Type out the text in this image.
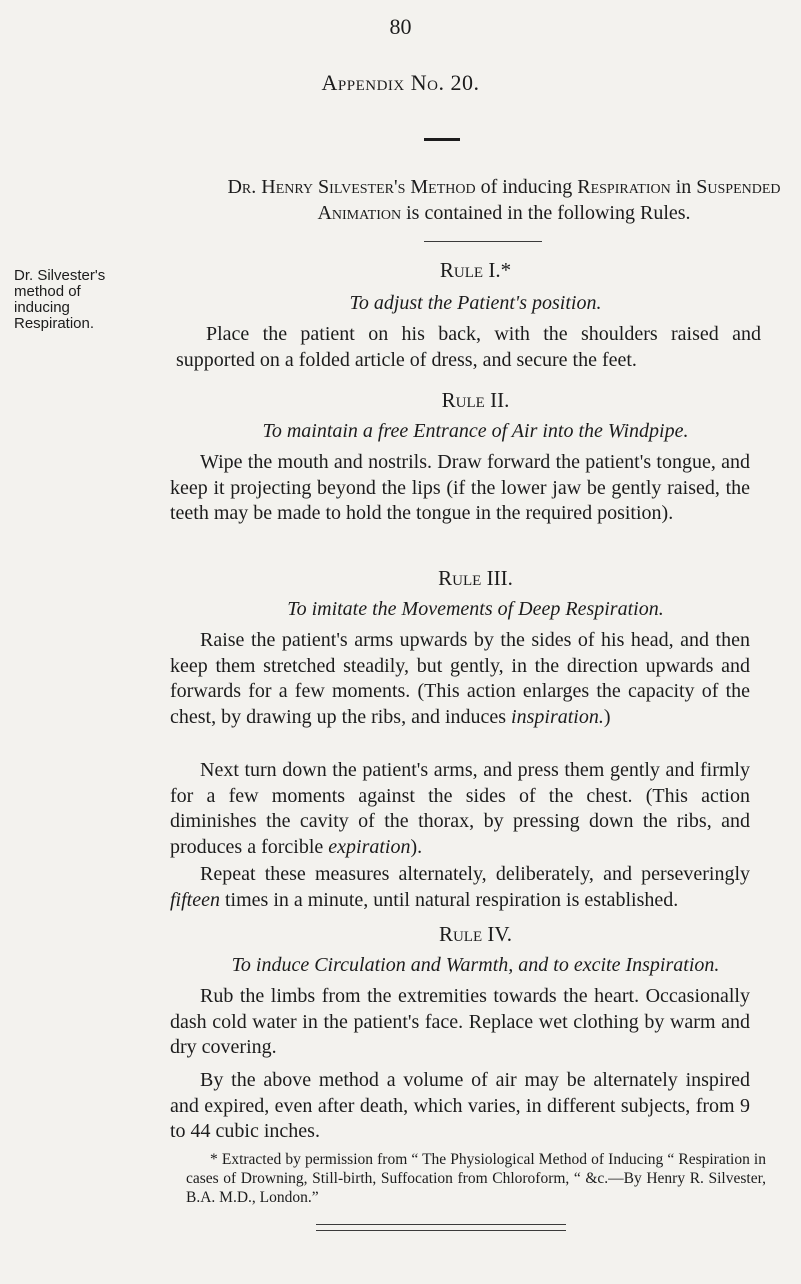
80
Appendix No. 20.
Dr. Henry Silvester's Method of inducing Respiration in Suspended Animation is contained in the following Rules.
Dr. Silvester's
method of
inducing
Respiration.
Rule I.*
To adjust the Patient's position.
Place the patient on his back, with the shoulders raised and supported on a folded article of dress, and secure the feet.
Rule II.
To maintain a free Entrance of Air into the Windpipe.
Wipe the mouth and nostrils. Draw forward the patient's tongue, and keep it projecting beyond the lips (if the lower jaw be gently raised, the teeth may be made to hold the tongue in the required position).
Rule III.
To imitate the Movements of Deep Respiration.
Raise the patient's arms upwards by the sides of his head, and then keep them stretched steadily, but gently, in the direction upwards and forwards for a few moments. (This action enlarges the capacity of the chest, by drawing up the ribs, and induces inspiration.)
Next turn down the patient's arms, and press them gently and firmly for a few moments against the sides of the chest. (This action diminishes the cavity of the thorax, by pressing down the ribs, and produces a forcible expiration).
Repeat these measures alternately, deliberately, and perseveringly fifteen times in a minute, until natural respiration is established.
Rule IV.
To induce Circulation and Warmth, and to excite Inspiration.
Rub the limbs from the extremities towards the heart. Occasionally dash cold water in the patient's face. Replace wet clothing by warm and dry covering.
By the above method a volume of air may be alternately inspired and expired, even after death, which varies, in different subjects, from 9 to 44 cubic inches.
* Extracted by permission from “ The Physiological Method of Inducing “ Respiration in cases of Drowning, Still-birth, Suffocation from Chloroform, “ &c.—By Henry R. Silvester, B.A. M.D., London.”
